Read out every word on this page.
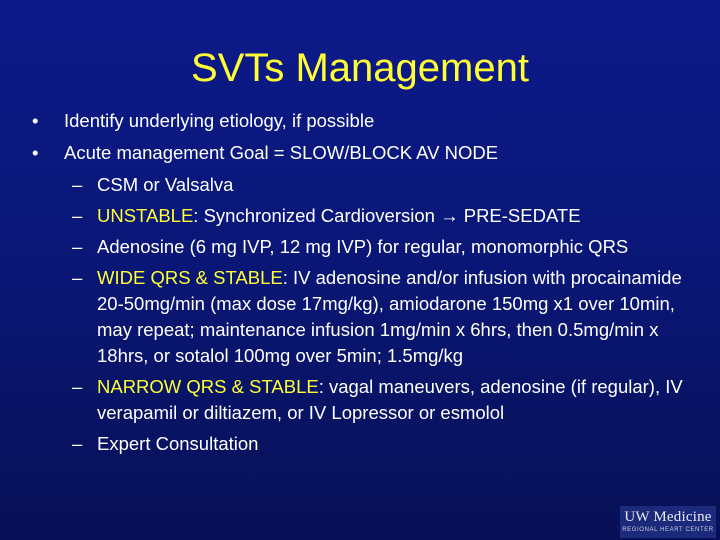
SVTs Management
• Identify underlying etiology, if possible
• Acute management Goal = SLOW/BLOCK AV NODE
– CSM or Valsalva
– UNSTABLE: Synchronized Cardioversion → PRE-SEDATE
– Adenosine (6 mg IVP, 12 mg IVP) for regular, monomorphic QRS
– WIDE QRS & STABLE: IV adenosine and/or infusion with procainamide 20-50mg/min (max dose 17mg/kg), amiodarone 150mg x1 over 10min, may repeat; maintenance infusion 1mg/min x 6hrs, then 0.5mg/min x 18hrs, or sotalol 100mg over 5min; 1.5mg/kg
– NARROW QRS & STABLE: vagal maneuvers, adenosine (if regular), IV verapamil or diltiazem, or IV Lopressor or esmolol
– Expert Consultation
UW Medicine
REGIONAL HEART CENTER
